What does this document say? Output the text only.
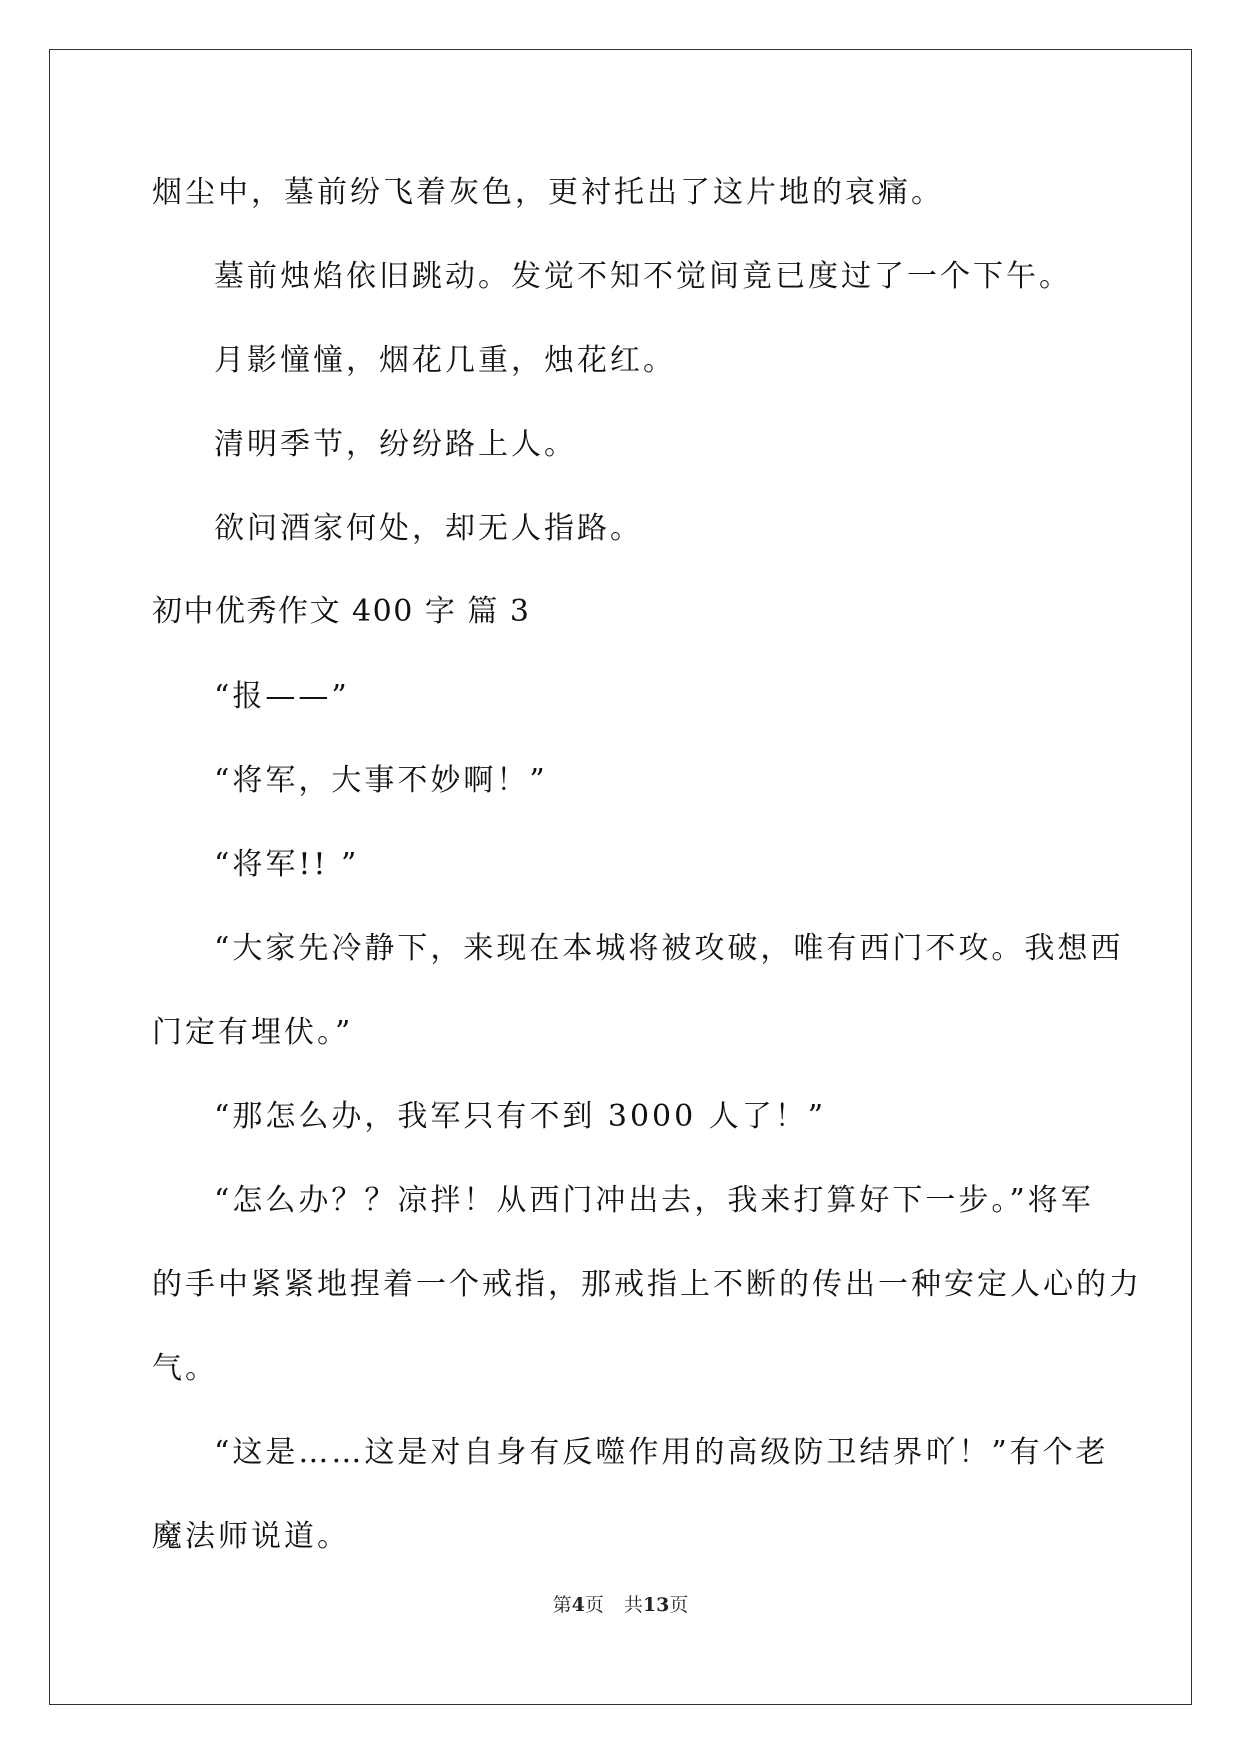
烟尘中，墓前纷飞着灰色，更衬托出了这片地的哀痛。
墓前烛焰依旧跳动。发觉不知不觉间竟已度过了一个下午。
月影憧憧，烟花几重，烛花红。
清明季节，纷纷路上人。
欲问酒家何处，却无人指路。
初中优秀作文 400 字 篇 3
“报——”
“将军，大事不妙啊！”
“将军!! ”
“大家先冷静下，来现在本城将被攻破，唯有西门不攻。我想西
门定有埋伏。”
“那怎么办，我军只有不到 3000 人了！”
“怎么办？？凉拌！从西门冲出去，我来打算好下一步。”将军
的手中紧紧地捏着一个戒指，那戒指上不断的传出一种安定人心的力
气。
“这是……这是对自身有反噬作用的高级防卫结界吖！”有个老
魔法师说道。
第4页 共13页
